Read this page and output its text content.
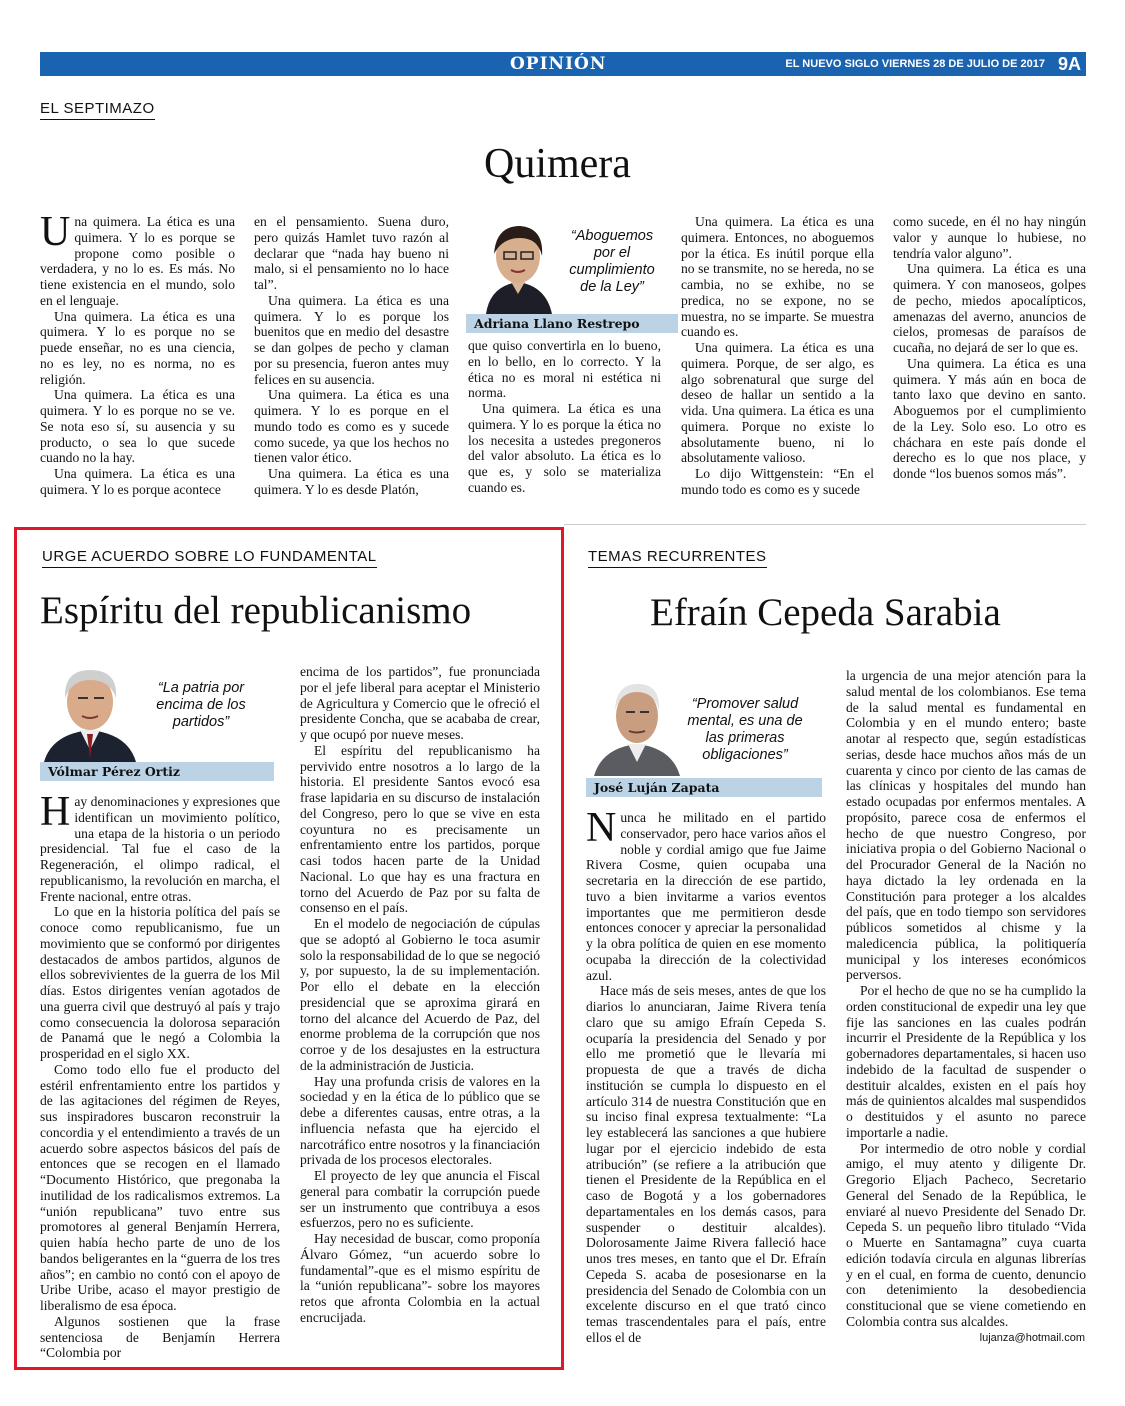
OPINIÓN	EL NUEVO SIGLO VIERNES 28 DE JULIO DE 2017 9A
EL SEPTIMAZO
Quimera

Una quimera. La ética es una quimera. Y lo es porque se propone como posible o verdadera, y no lo es. Es más. No tiene existencia en el mundo, solo en el lenguaje.

Una quimera. La ética es una quimera. Y lo es porque no se puede enseñar, no es una ciencia, no es ley, no es norma, no es religión.

Una quimera. La ética es una quimera. Y lo es porque no se ve. Se nota eso sí, su ausencia y su producto, o sea lo que sucede cuando no la hay.

Una quimera. La ética es una quimera. Y lo es porque acontece

en el pensamiento. Suena duro, pero quizás Hamlet tuvo razón al declarar que “nada hay bueno ni malo, si el pensamiento no lo hace tal”.

Una quimera. La ética es una quimera. Y lo es porque los buenitos que en medio del desastre se dan golpes de pecho y claman por su presencia, fueron antes muy felices en su ausencia.

Una quimera. La ética es una quimera. Y lo es porque en el mundo todo es como es y sucede como sucede, ya que los hechos no tienen valor ético.

Una quimera. La ética es una quimera. Y lo es desde Platón,

“Aboguemos por el cumplimiento de la Ley”
Adriana Llano Restrepo

que quiso convertirla en lo bueno, en lo bello, en lo correcto. Y la ética no es moral ni estética ni norma.

Una quimera. La ética es una quimera. Y lo es porque la ética no los necesita a ustedes pregoneros del valor absoluto. La ética es lo que es, y solo se materializa cuando es.

Una quimera. La ética es una quimera. Entonces, no aboguemos por la ética. Es inútil porque ella no se transmite, no se hereda, no se cambia, no se exhibe, no se predica, no se expone, no se muestra, no se imparte. Se muestra cuando es.

Una quimera. La ética es una quimera. Porque, de ser algo, es algo sobrenatural que surge del deseo de hallar un sentido a la vida. Una quimera. La ética es una quimera. Porque no existe lo absolutamente bueno, ni lo absolutamente valioso.

Lo dijo Wittgenstein: “En el mundo todo es como es y sucede

como sucede, en él no hay ningún valor y aunque lo hubiese, no tendría valor alguno”.

Una quimera. La ética es una quimera. Y con manoseos, golpes de pecho, miedos apocalípticos, amenazas del averno, anuncios de cielos, promesas de paraísos de cucaña, no dejará de ser lo que es.

Una quimera. La ética es una quimera. Y más aún en boca de tanto laxo que devino en santo. Aboguemos por el cumplimiento de la Ley. Solo eso. Lo otro es cháchara en este país donde el derecho es lo que nos place, y donde “los buenos somos más”.

URGE ACUERDO SOBRE LO FUNDAMENTAL
Espíritu del republicanismo
“La patria por encima de los partidos”
Vólmar Pérez Ortiz

Hay denominaciones y expresiones que identifican un movimiento político, una etapa de la historia o un periodo presidencial. Tal fue el caso de la Regeneración, el olimpo radical, el republicanismo, la revolución en marcha, el Frente nacional, entre otras.

Lo que en la historia política del país se conoce como republicanismo, fue un movimiento que se conformó por dirigentes destacados de ambos partidos, algunos de ellos sobrevivientes de la guerra de los Mil días. Estos dirigentes venían agotados de una guerra civil que destruyó al país y trajo como consecuencia la dolorosa separación de Panamá que le negó a Colombia la prosperidad en el siglo XX.

Como todo ello fue el producto del estéril enfrentamiento entre los partidos y de las agitaciones del régimen de Reyes, sus inspiradores buscaron reconstruir la concordia y el entendimiento a través de un acuerdo sobre aspectos básicos del país de entonces que se recogen en el llamado “Documento Histórico, que pregonaba la inutilidad de los radicalismos extremos. La “unión republicana” tuvo entre sus promotores al general Benjamín Herrera, quien había hecho parte de uno de los bandos beligerantes en la “guerra de los tres años”; en cambio no contó con el apoyo de Uribe Uribe, acaso el mayor prestigio de liberalismo de esa época.

Algunos sostienen que la frase sentenciosa de Benjamín Herrera “Colombia por

encima de los partidos”, fue pronunciada por el jefe liberal para aceptar el Ministerio de Agricultura y Comercio que le ofreció el presidente Concha, que se acababa de crear, y que ocupó por nueve meses.

El espíritu del republicanismo ha pervivido entre nosotros a lo largo de la historia. El presidente Santos evocó esa frase lapidaria en su discurso de instalación del Congreso, pero lo que se vive en esta coyuntura no es precisamente un enfrentamiento entre los partidos, porque casi todos hacen parte de la Unidad Nacional. Lo que hay es una fractura en torno del Acuerdo de Paz por su falta de consenso en el país.

En el modelo de negociación de cúpulas que se adoptó al Gobierno le toca asumir solo la responsabilidad de lo que se negoció y, por supuesto, la de su implementación. Por ello el debate en la elección presidencial que se aproxima girará en torno del alcance del Acuerdo de Paz, del enorme problema de la corrupción que nos corroe y de los desajustes en la estructura de la administración de Justicia.

Hay una profunda crisis de valores en la sociedad y en la ética de lo público que se debe a diferentes causas, entre otras, a la influencia nefasta que ha ejercido el narcotráfico entre nosotros y la financiación privada de los procesos electorales.

El proyecto de ley que anuncia el Fiscal general para combatir la corrupción puede ser un instrumento que contribuya a esos esfuerzos, pero no es suficiente.

Hay necesidad de buscar, como proponía Álvaro Gómez, “un acuerdo sobre lo fundamental”-que es el mismo espíritu de la “unión republicana”- sobre los mayores retos que afronta Colombia en la actual encrucijada.

TEMAS RECURRENTES
Efraín Cepeda Sarabia
“Promover salud mental, es una de las primeras obligaciones”
José Luján Zapata

Nunca he militado en el partido conservador, pero hace varios años el noble y cordial amigo que fue Jaime Rivera Cosme, quien ocupaba una secretaria en la dirección de ese partido, tuvo a bien invitarme a varios eventos importantes que me permitieron desde entonces conocer y apreciar la personalidad y la obra política de quien en ese momento ocupaba la dirección de la colectividad azul.

Hace más de seis meses, antes de que los diarios lo anunciaran, Jaime Rivera tenía claro que su amigo Efraín Cepeda S. ocuparía la presidencia del Senado y por ello me prometió que le llevaría mi propuesta de que a través de dicha institución se cumpla lo dispuesto en el artículo 314 de nuestra Constitución que en su inciso final expresa textualmente: “La ley establecerá las sanciones a que hubiere lugar por el ejercicio indebido de esta atribución” (se refiere a la atribución que tienen el Presidente de la República en el caso de Bogotá y a los gobernadores departamentales en los demás casos, para suspender o destituir alcaldes). Dolorosamente Jaime Rivera falleció hace unos tres meses, en tanto que el Dr. Efraín Cepeda S. acaba de posesionarse en la presidencia del Senado de Colombia con un excelente discurso en el que trató cinco temas trascendentales para el país, entre ellos el de

la urgencia de una mejor atención para la salud mental de los colombianos. Ese tema de la salud mental es fundamental en Colombia y en el mundo entero; baste anotar al respecto que, según estadísticas serias, desde hace muchos años más de un cuarenta y cinco por ciento de las camas de las clínicas y hospitales del mundo han estado ocupadas por enfermos mentales. A propósito, parece cosa de enfermos el hecho de que nuestro Congreso, por iniciativa propia o del Gobierno Nacional o del Procurador General de la Nación no haya dictado la ley ordenada en la Constitución para proteger a los alcaldes del país, que en todo tiempo son servidores públicos sometidos al chisme y la maledicencia pública, la politiquería municipal y los intereses económicos perversos.

Por el hecho de que no se ha cumplido la orden constitucional de expedir una ley que fije las sanciones en las cuales podrán incurrir el Presidente de la República y los gobernadores departamentales, si hacen uso indebido de la facultad de suspender o destituir alcaldes, existen en el país hoy más de quinientos alcaldes mal suspendidos o destituidos y el asunto no parece importarle a nadie.

Por intermedio de otro noble y cordial amigo, el muy atento y diligente Dr. Gregorio Eljach Pacheco, Secretario General del Senado de la República, le enviaré al nuevo Presidente del Senado Dr. Cepeda S. un pequeño libro titulado “Vida o Muerte en Santamagna” cuya cuarta edición todavía circula en algunas librerías y en el cual, en forma de cuento, denuncio con detenimiento la desobediencia constitucional que se viene cometiendo en Colombia contra sus alcaldes.

lujanza@hotmail.com
